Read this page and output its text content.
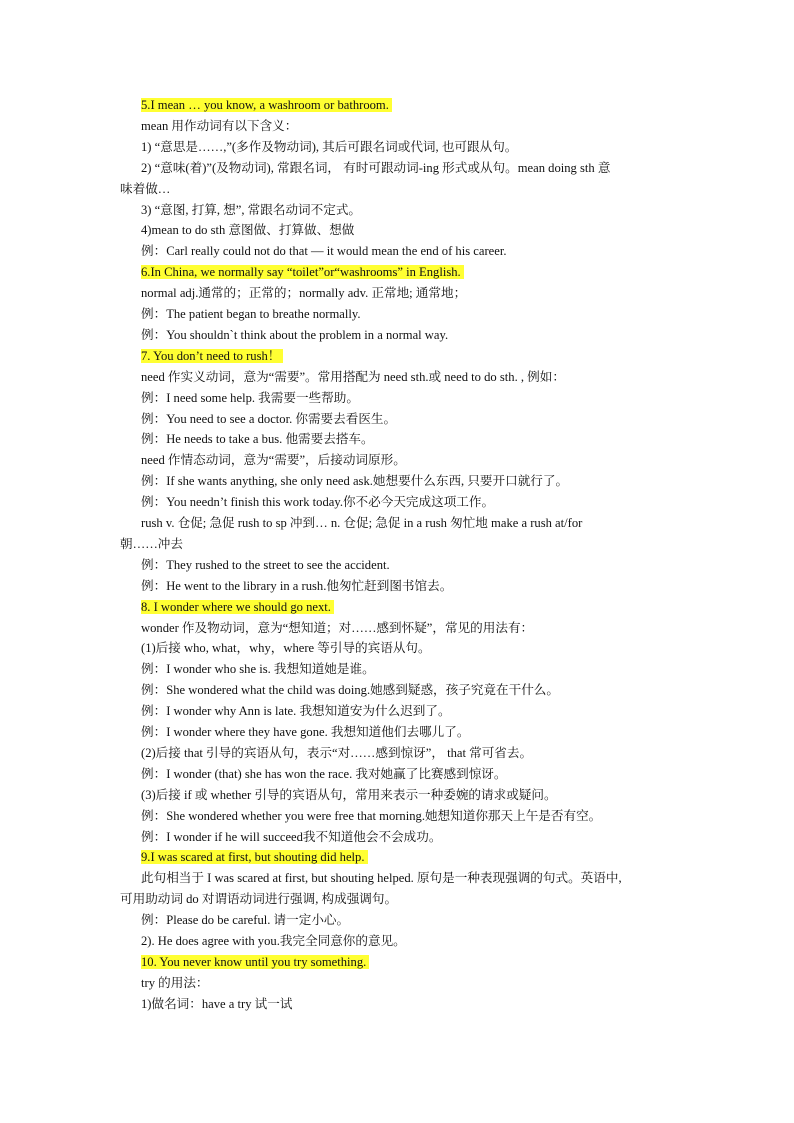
5.I mean … you know, a washroom or bathroom.
mean 用作动词有以下含义：
1) “意思是……,”(多作及物动词), 其后可跟名词或代词, 也可跟从句。
2) “意味(着)”(及物动词), 常跟名词， 有时可跟动词-ing 形式或从句。mean doing sth 意
味着做…
3) “意图, 打算, 想”, 常跟名动词不定式。
4)mean to do sth 意图做、打算做、想做
例：Carl really could not do that — it would mean the end of his career.
6.In China, we normally say “toilet”or“washrooms” in English.
normal adj.通常的；正常的；normally adv. 正常地; 通常地；
例：The patient began to breathe normally.
例：You shouldn`t think about the problem in a normal way.
7. You don’t need to rush！
need 作实义动词，意为“需要”。常用搭配为 need sth.或 need to do sth. , 例如：
例：I need some help. 我需要一些帮助。
例：You need to see a doctor. 你需要去看医生。
例：He needs to take a bus. 他需要去搭车。
need 作情态动词，意为“需要”，后接动词原形。
例：If she wants anything, she only need ask.她想要什么东西, 只要开口就行了。
例：You needn’t finish this work today.你不必今天完成这项工作。
rush v. 仓促; 急促 rush to sp 冲到… n. 仓促; 急促 in a rush 匆忙地 make a rush at/for
朝……冲去
例：They rushed to the street to see the accident.
例：He went to the library in a rush.他匆忙赶到图书馆去。
8. I wonder where we should go next.
wonder 作及物动词，意为“想知道；对……感到怀疑”，常见的用法有：
(1)后接 who, what，why，where 等引导的宾语从句。
例：I wonder who she is. 我想知道她是谁。
例：She wondered what the child was doing.她感到疑惑，孩子究竟在干什么。
例：I wonder why Ann is late. 我想知道安为什么迟到了。
例：I wonder where they have gone. 我想知道他们去哪儿了。
(2)后接 that 引导的宾语从句，表示“对……感到惊讶”， that 常可省去。
例：I wonder (that) she has won the race. 我对她赢了比赛感到惊讶。
(3)后接 if 或 whether 引导的宾语从句，常用来表示一种委婉的请求或疑问。
例：She wondered whether you were free that morning.她想知道你那天上午是否有空。
例：I wonder if he will succeed我不知道他会不会成功。
9.I was scared at first, but shouting did help.
此句相当于 I was scared at first, but shouting helped. 原句是一种表现强调的句式。英语中,
可用助动词 do 对谓语动词进行强调, 构成强调句。
例：Please do be careful. 请一定小心。
2). He does agree with you.我完全同意你的意见。
10. You never know until you try something.
try 的用法：
1)做名词：have a try 试一试
